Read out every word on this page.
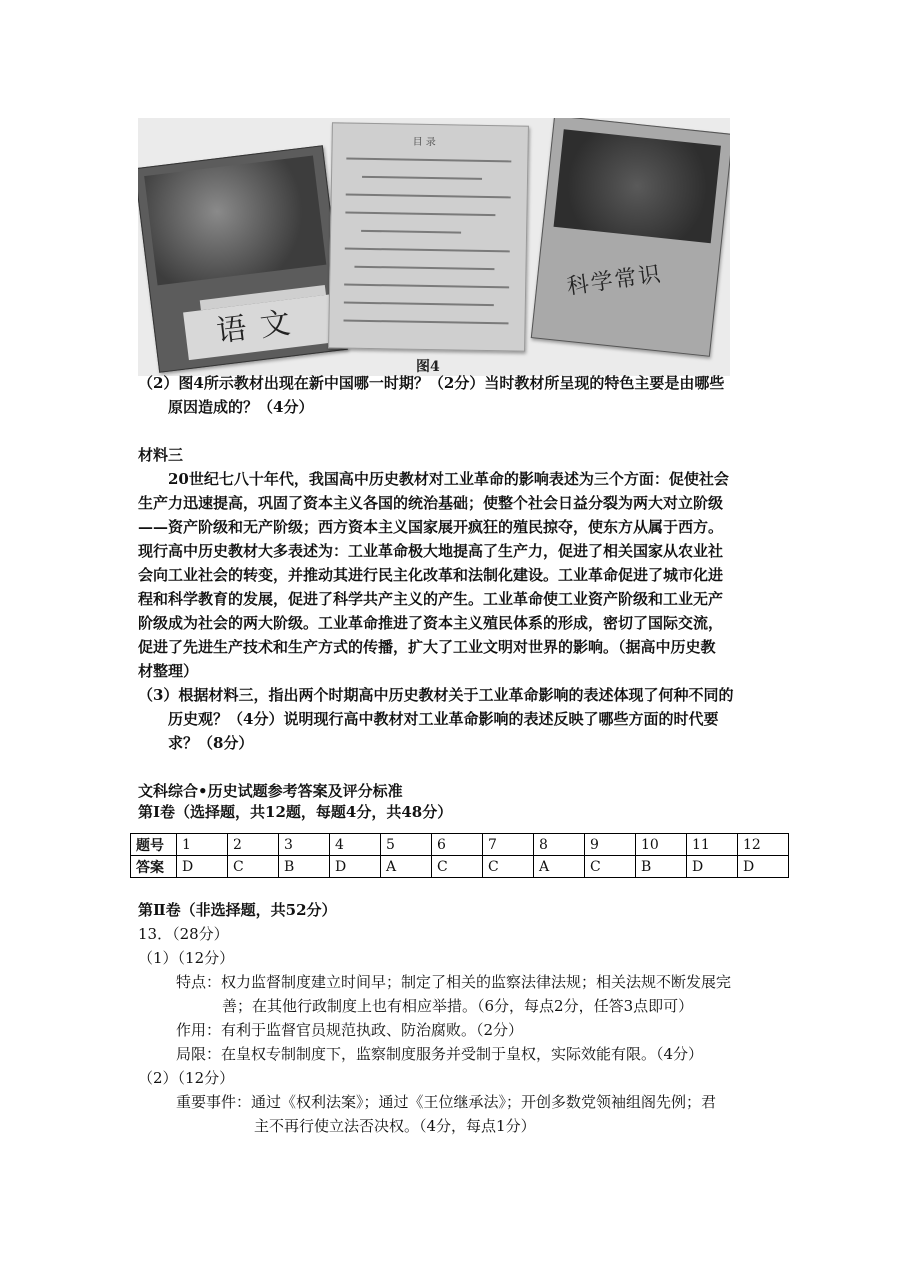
语文
目 录
科学常识
图4
（2）图4所示教材出现在新中国哪一时期？（2分）当时教材所呈现的特色主要是由哪些
原因造成的？（4分）
材料三
20世纪七八十年代，我国高中历史教材对工业革命的影响表述为三个方面：促使社会
生产力迅速提高，巩固了资本主义各国的统治基础；使整个社会日益分裂为两大对立阶级
——资产阶级和无产阶级；西方资本主义国家展开疯狂的殖民掠夺，使东方从属于西方。
现行高中历史教材大多表述为：工业革命极大地提高了生产力，促进了相关国家从农业社
会向工业社会的转变，并推动其进行民主化改革和法制化建设。工业革命促进了城市化进
程和科学教育的发展，促进了科学共产主义的产生。工业革命使工业资产阶级和工业无产
阶级成为社会的两大阶级。工业革命推进了资本主义殖民体系的形成，密切了国际交流，
促进了先进生产技术和生产方式的传播，扩大了工业文明对世界的影响。（据高中历史教
材整理）
（3）根据材料三，指出两个时期高中历史教材关于工业革命影响的表述体现了何种不同的
历史观？（4分）说明现行高中教材对工业革命影响的表述反映了哪些方面的时代要
求？（8分）
文科综合•历史试题参考答案及评分标准
第Ⅰ卷（选择题，共12题，每题4分，共48分）
第Ⅱ卷（非选择题，共52分）
13．（28分）
（1）（12分）
特点：权力监督制度建立时间早；制定了相关的监察法律法规；相关法规不断发展完
善；在其他行政制度上也有相应举措。（6分，每点2分，任答3点即可）
作用：有利于监督官员规范执政、防治腐败。（2分）
局限：在皇权专制制度下，监察制度服务并受制于皇权，实际效能有限。（4分）
（2）（12分）
重要事件：通过《权利法案》；通过《王位继承法》；开创多数党领袖组阁先例；君
主不再行使立法否决权。（4分，每点1分）
题号	1	2	3	4	5	6	7	8	9	10	11	12
答案	D	C	B	D	A	C	C	A	C	B	D	D
